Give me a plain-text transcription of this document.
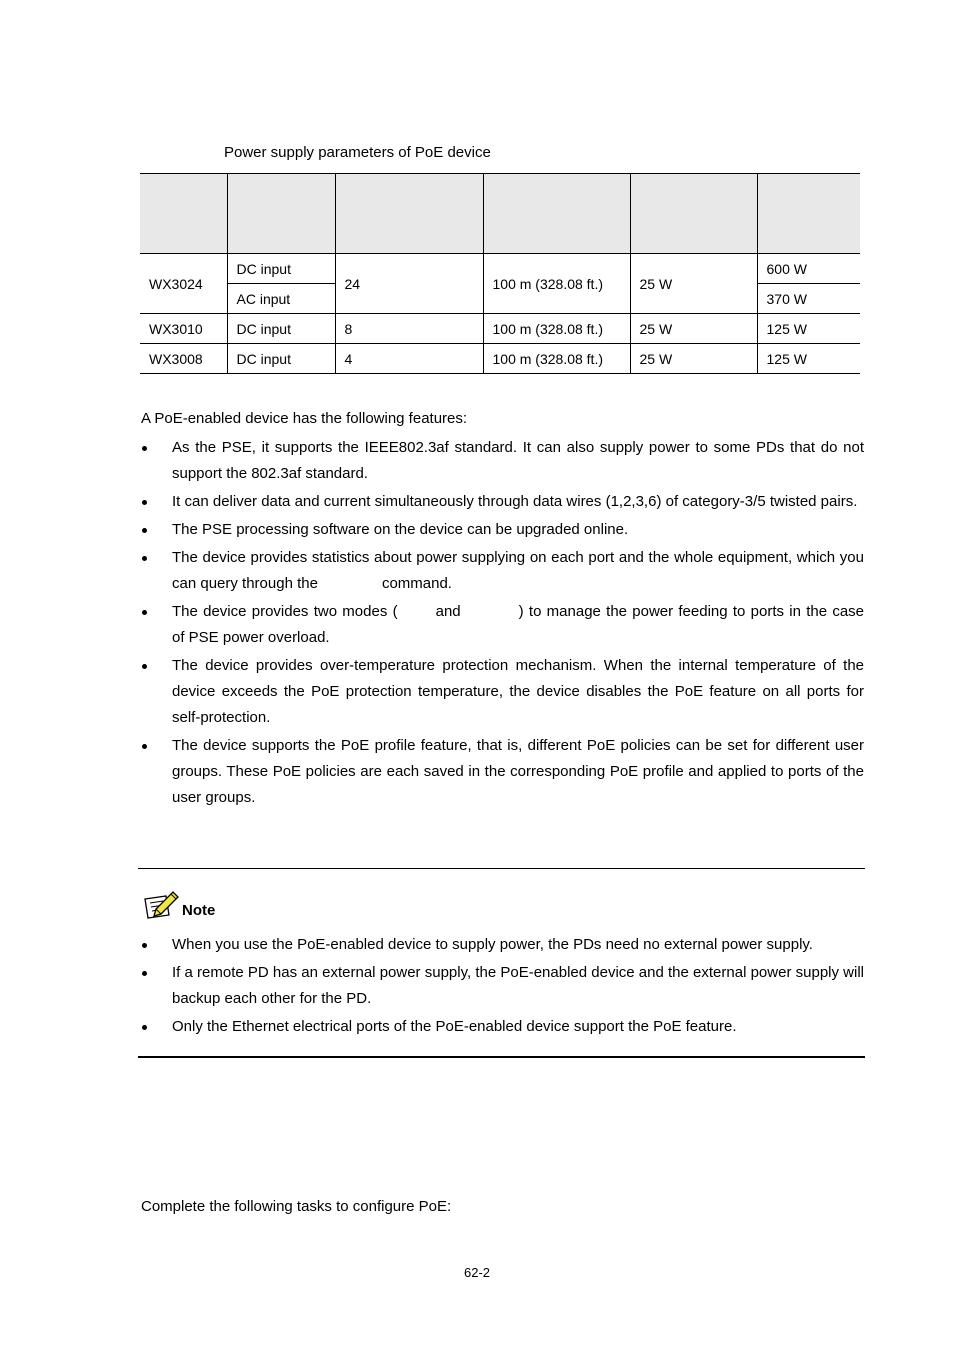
Power supply parameters of PoE device

WX3024	DC input	24	100 m (328.08 ft.)	25 W	600 W
	AC input				370 W
WX3010	DC input	8	100 m (328.08 ft.)	25 W	125 W
WX3008	DC input	4	100 m (328.08 ft.)	25 W	125 W
A PoE-enabled device has the following features:
As the PSE, it supports the IEEE802.3af standard. It can also supply power to some PDs that do not support the 802.3af standard.
It can deliver data and current simultaneously through data wires (1,2,3,6) of category-3/5 twisted pairs.
The PSE processing software on the device can be upgraded online.
The device provides statistics about power supplying on each port and the whole equipment, which you can query through the	command.
The device provides two modes (	and	) to manage the power feeding to ports in the case of PSE power overload.
The device provides over-temperature protection mechanism. When the internal temperature of the device exceeds the PoE protection temperature, the device disables the PoE feature on all ports for self-protection.
The device supports the PoE profile feature, that is, different PoE policies can be set for different user groups. These PoE policies are each saved in the corresponding PoE profile and applied to ports of the user groups.
Note
When you use the PoE-enabled device to supply power, the PDs need no external power supply.
If a remote PD has an external power supply, the PoE-enabled device and the external power supply will backup each other for the PD.
Only the Ethernet electrical ports of the PoE-enabled device support the PoE feature.
Complete the following tasks to configure PoE:
62-2
